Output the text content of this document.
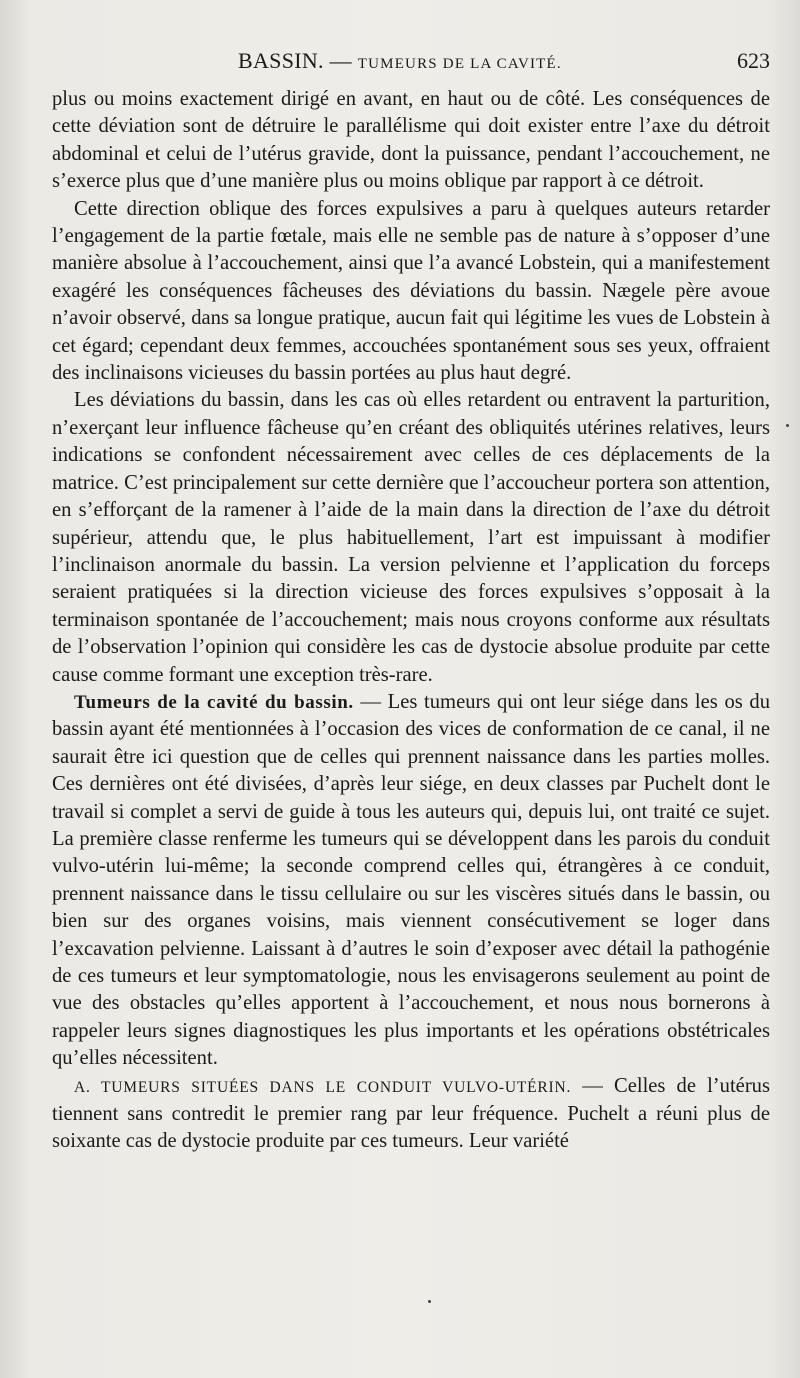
BASSIN. — TUMEURS DE LA CAVITÉ.	623

plus ou moins exactement dirigé en avant, en haut ou de côté. Les conséquences de cette déviation sont de détruire le parallélisme qui doit exister entre l’axe du détroit abdominal et celui de l’utérus gravide, dont la puissance, pendant l’accouchement, ne s’exerce plus que d’une manière plus ou moins oblique par rapport à ce détroit.

Cette direction oblique des forces expulsives a paru à quelques auteurs retarder l’engagement de la partie fœtale, mais elle ne semble pas de nature à s’opposer d’une manière absolue à l’accouchement, ainsi que l’a avancé Lobstein, qui a manifestement exagéré les conséquences fâcheuses des déviations du bassin. Nægele père avoue n’avoir observé, dans sa longue pratique, aucun fait qui légitime les vues de Lobstein à cet égard; cependant deux femmes, accouchées spontanément sous ses yeux, offraient des inclinaisons vicieuses du bassin portées au plus haut degré.

Les déviations du bassin, dans les cas où elles retardent ou entravent la parturition, n’exerçant leur influence fâcheuse qu’en créant des obliquités utérines relatives, leurs indications se confondent nécessairement avec celles de ces déplacements de la matrice. C’est principalement sur cette dernière que l’accoucheur portera son attention, en s’efforçant de la ramener à l’aide de la main dans la direction de l’axe du détroit supérieur, attendu que, le plus habituellement, l’art est impuissant à modifier l’inclinaison anormale du bassin. La version pelvienne et l’application du forceps seraient pratiquées si la direction vicieuse des forces expulsives s’opposait à la terminaison spontanée de l’accouchement; mais nous croyons conforme aux résultats de l’observation l’opinion qui considère les cas de dystocie absolue produite par cette cause comme formant une exception très-rare.

Tumeurs de la cavité du bassin. — Les tumeurs qui ont leur siége dans les os du bassin ayant été mentionnées à l’occasion des vices de conformation de ce canal, il ne saurait être ici question que de celles qui prennent naissance dans les parties molles. Ces dernières ont été divisées, d’après leur siége, en deux classes par Puchelt dont le travail si complet a servi de guide à tous les auteurs qui, depuis lui, ont traité ce sujet. La première classe renferme les tumeurs qui se développent dans les parois du conduit vulvo-utérin lui-même; la seconde comprend celles qui, étrangères à ce conduit, prennent naissance dans le tissu cellulaire ou sur les viscères situés dans le bassin, ou bien sur des organes voisins, mais viennent consécutivement se loger dans l’excavation pelvienne. Laissant à d’autres le soin d’exposer avec détail la pathogénie de ces tumeurs et leur symptomatologie, nous les envisagerons seulement au point de vue des obstacles qu’elles apportent à l’accouchement, et nous nous bornerons à rappeler leurs signes diagnostiques les plus importants et les opérations obstétricales qu’elles nécessitent.

A. TUMEURS SITUÉES DANS LE CONDUIT VULVO-UTÉRIN. — Celles de l’utérus tiennent sans contredit le premier rang par leur fréquence. Puchelt a réuni plus de soixante cas de dystocie produite par ces tumeurs. Leur variété
